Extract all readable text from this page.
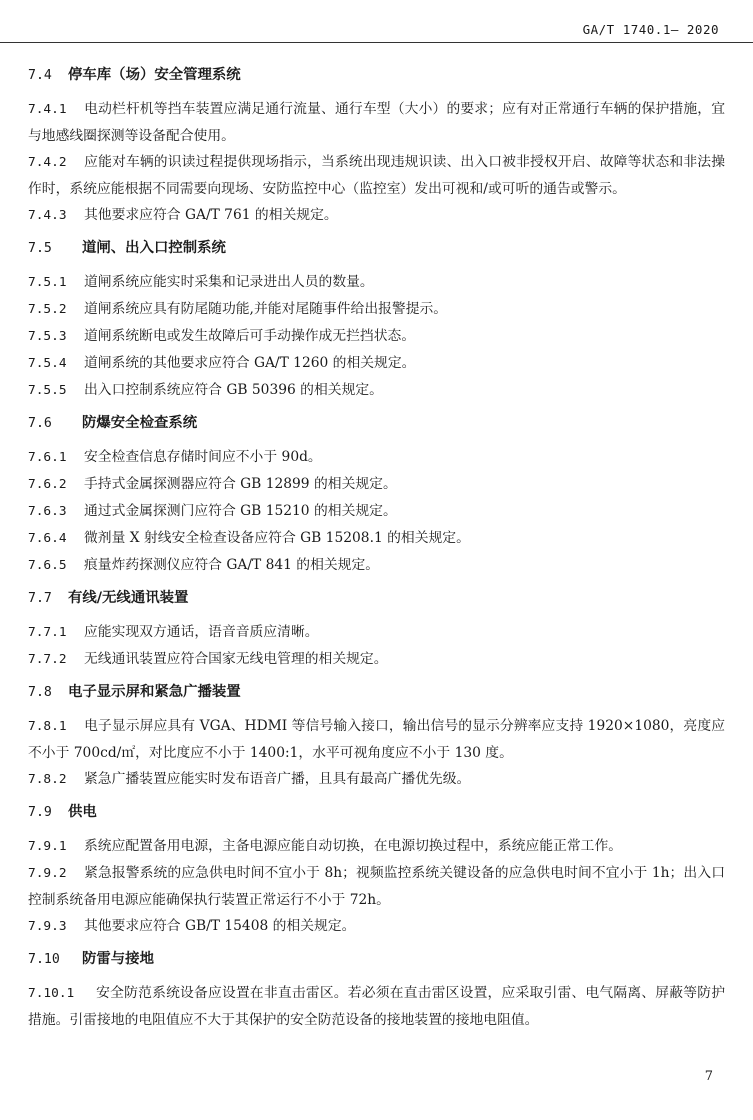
GA/T 1740.1— 2020
7.4	停车库（场）安全管理系统

7.4.1 电动栏杆机等挡车装置应满足通行流量、通行车型（大小）的要求；应有对正常通行车辆的保护措施，宜与地感线圈探测等设备配合使用。

7.4.2 应能对车辆的识读过程提供现场指示，当系统出现违规识读、出入口被非授权开启、故障等状态和非法操作时，系统应能根据不同需要向现场、安防监控中心（监控室）发出可视和/或可听的通告或警示。

7.4.3 其他要求应符合 GA/T 761 的相关规定。

7.5	道闸、出入口控制系统

7.5.1 道闸系统应能实时采集和记录进出人员的数量。

7.5.2 道闸系统应具有防尾随功能,并能对尾随事件给出报警提示。

7.5.3 道闸系统断电或发生故障后可手动操作成无拦挡状态。

7.5.4 道闸系统的其他要求应符合 GA/T 1260 的相关规定。

7.5.5 出入口控制系统应符合 GB 50396 的相关规定。

7.6	防爆安全检查系统

7.6.1 安全检查信息存储时间应不小于 90d。

7.6.2 手持式金属探测器应符合 GB 12899 的相关规定。

7.6.3 通过式金属探测门应符合 GB 15210 的相关规定。

7.6.4 微剂量 X 射线安全检查设备应符合 GB 15208.1 的相关规定。

7.6.5 痕量炸药探测仪应符合 GA/T 841 的相关规定。

7.7	有线/无线通讯装置

7.7.1 应能实现双方通话，语音音质应清晰。

7.7.2 无线通讯装置应符合国家无线电管理的相关规定。

7.8	电子显示屏和紧急广播装置

7.8.1 电子显示屏应具有 VGA、HDMI 等信号输入接口，输出信号的显示分辨率应支持 1920×1080，亮度应不小于 700cd/㎡，对比度应不小于 1400:1，水平可视角度应不小于 130 度。

7.8.2 紧急广播装置应能实时发布语音广播，且具有最高广播优先级。

7.9	供电

7.9.1 系统应配置备用电源，主备电源应能自动切换，在电源切换过程中，系统应能正常工作。

7.9.2 紧急报警系统的应急供电时间不宜小于 8h；视频监控系统关键设备的应急供电时间不宜小于 1h；出入口控制系统备用电源应能确保执行装置正常运行不小于 72h。

7.9.3 其他要求应符合 GB/T 15408 的相关规定。

7.10	防雷与接地

7.10.1 安全防范系统设备应设置在非直击雷区。若必须在直击雷区设置，应采取引雷、电气隔离、屏蔽等防护措施。引雷接地的电阻值应不大于其保护的安全防范设备的接地装置的接地电阻值。

7
